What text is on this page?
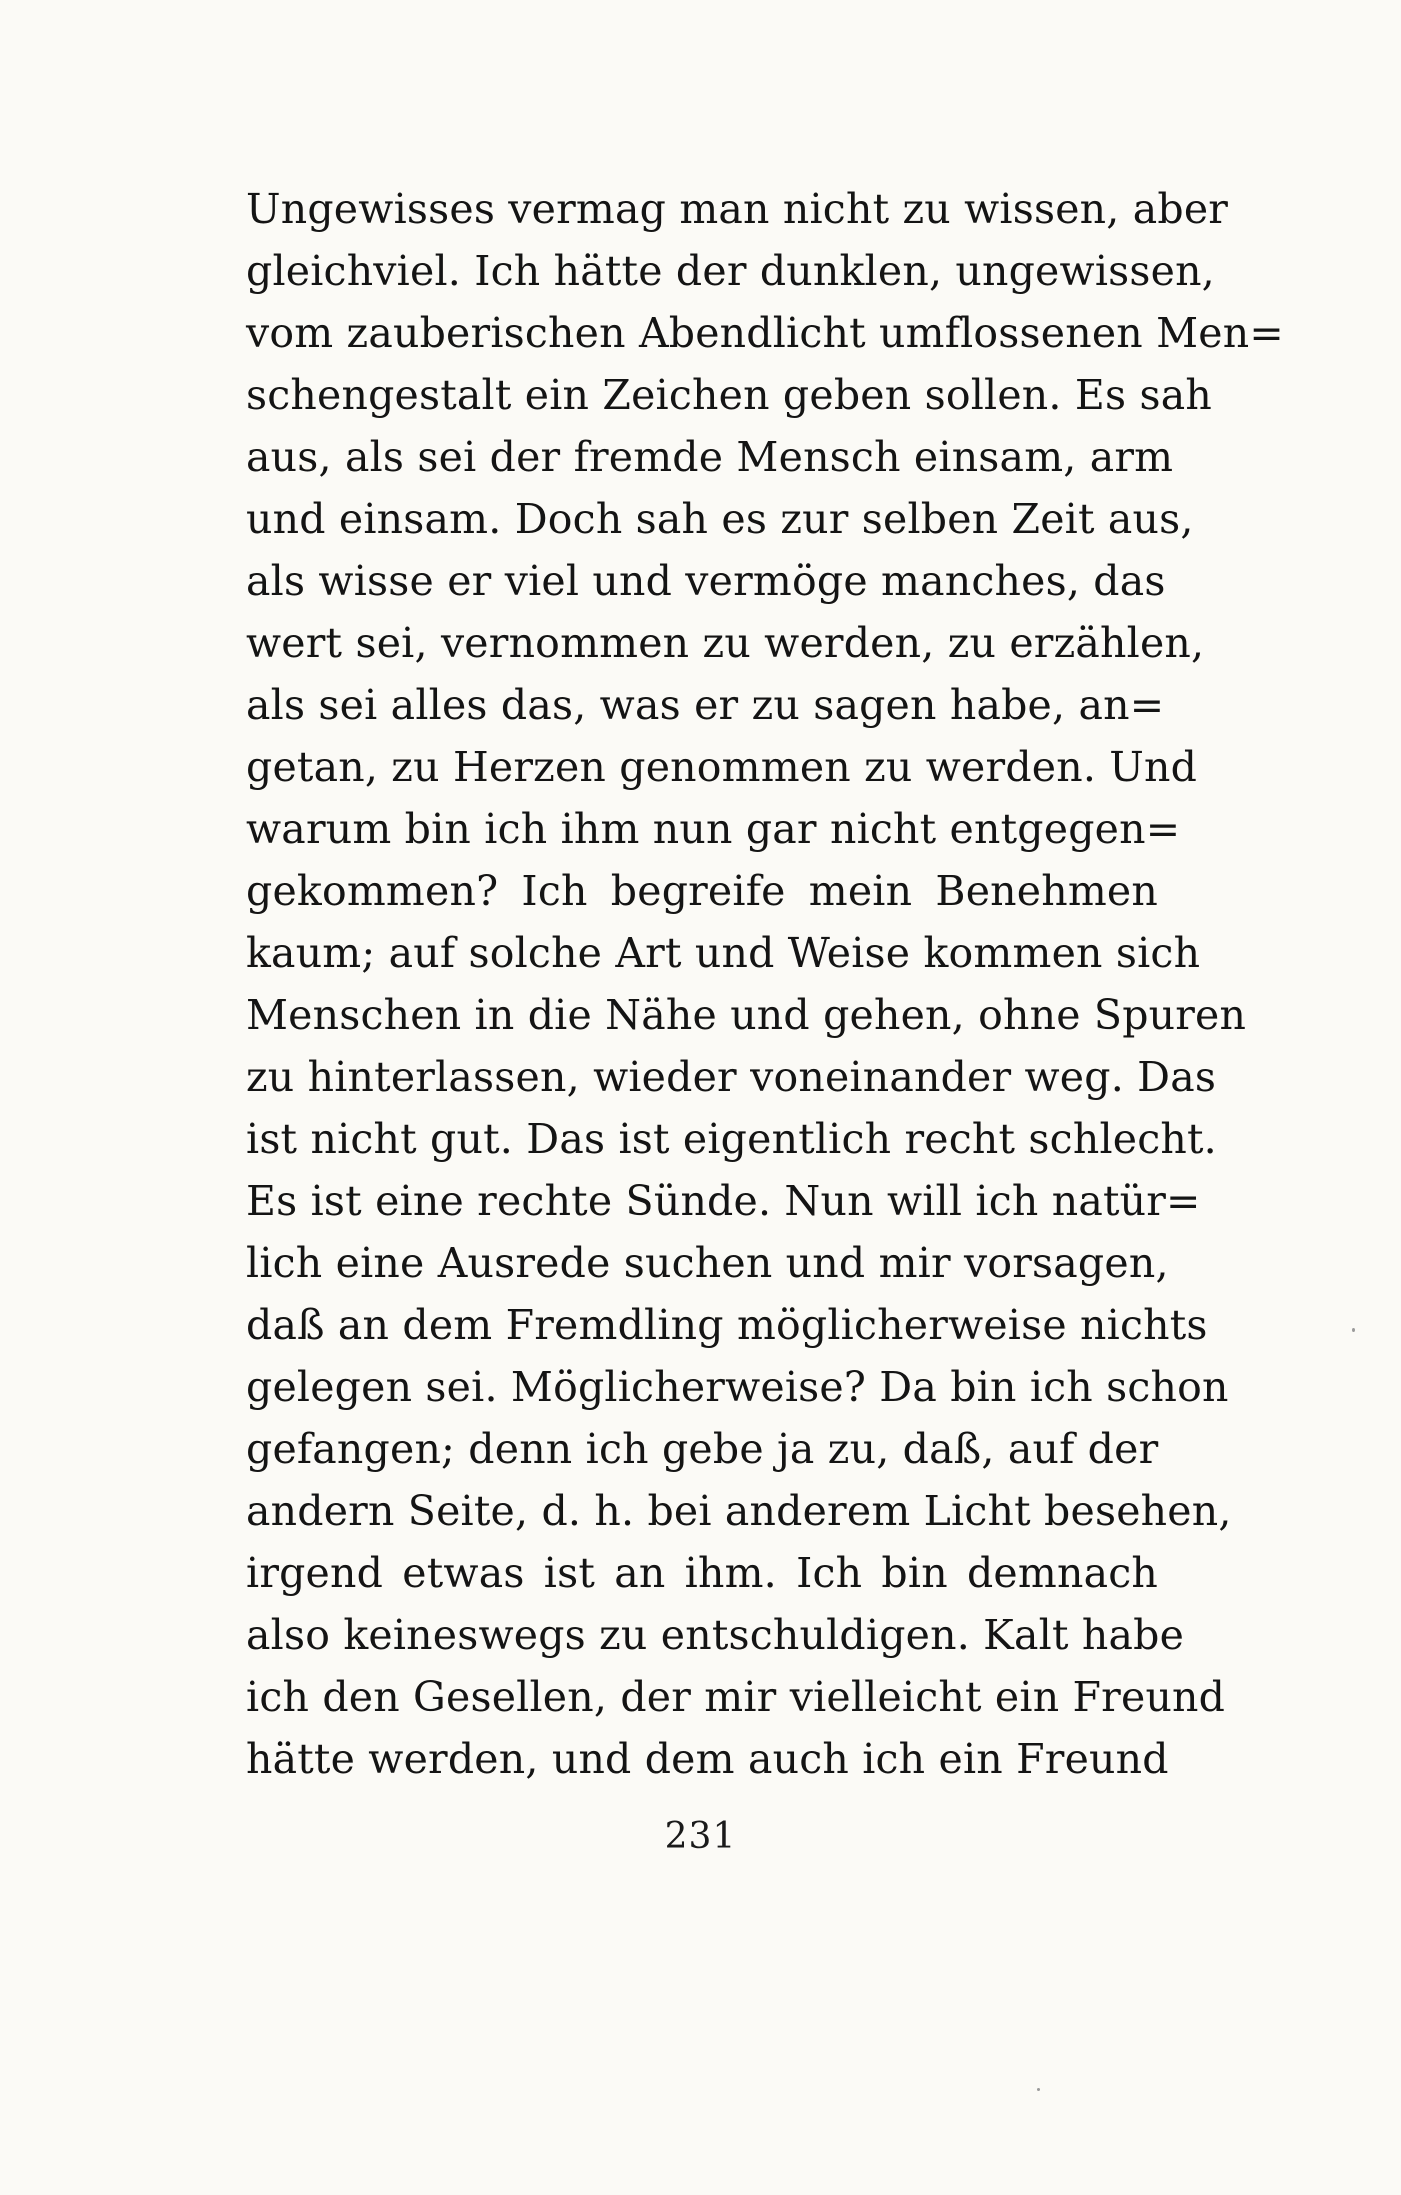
Ungewisses vermag man nicht zu wissen, aber
gleichviel. Ich hätte der dunklen, ungewissen,
vom zauberischen Abendlicht umflossenen Men=
schengestalt ein Zeichen geben sollen. Es sah
aus, als sei der fremde Mensch einsam, arm
und einsam. Doch sah es zur selben Zeit aus,
als wisse er viel und vermöge manches, das
wert sei, vernommen zu werden, zu erzählen,
als sei alles das, was er zu sagen habe, an=
getan, zu Herzen genommen zu werden. Und
warum bin ich ihm nun gar nicht entgegen=
gekommen? Ich begreife mein Benehmen
kaum; auf solche Art und Weise kommen sich
Menschen in die Nähe und gehen, ohne Spuren
zu hinterlassen, wieder voneinander weg. Das
ist nicht gut. Das ist eigentlich recht schlecht.
Es ist eine rechte Sünde. Nun will ich natür=
lich eine Ausrede suchen und mir vorsagen,
daß an dem Fremdling möglicherweise nichts
gelegen sei. Möglicherweise? Da bin ich schon
gefangen; denn ich gebe ja zu, daß, auf der
andern Seite, d. h. bei anderem Licht besehen,
irgend etwas ist an ihm. Ich bin demnach
also keineswegs zu entschuldigen. Kalt habe
ich den Gesellen, der mir vielleicht ein Freund
hätte werden, und dem auch ich ein Freund
231
